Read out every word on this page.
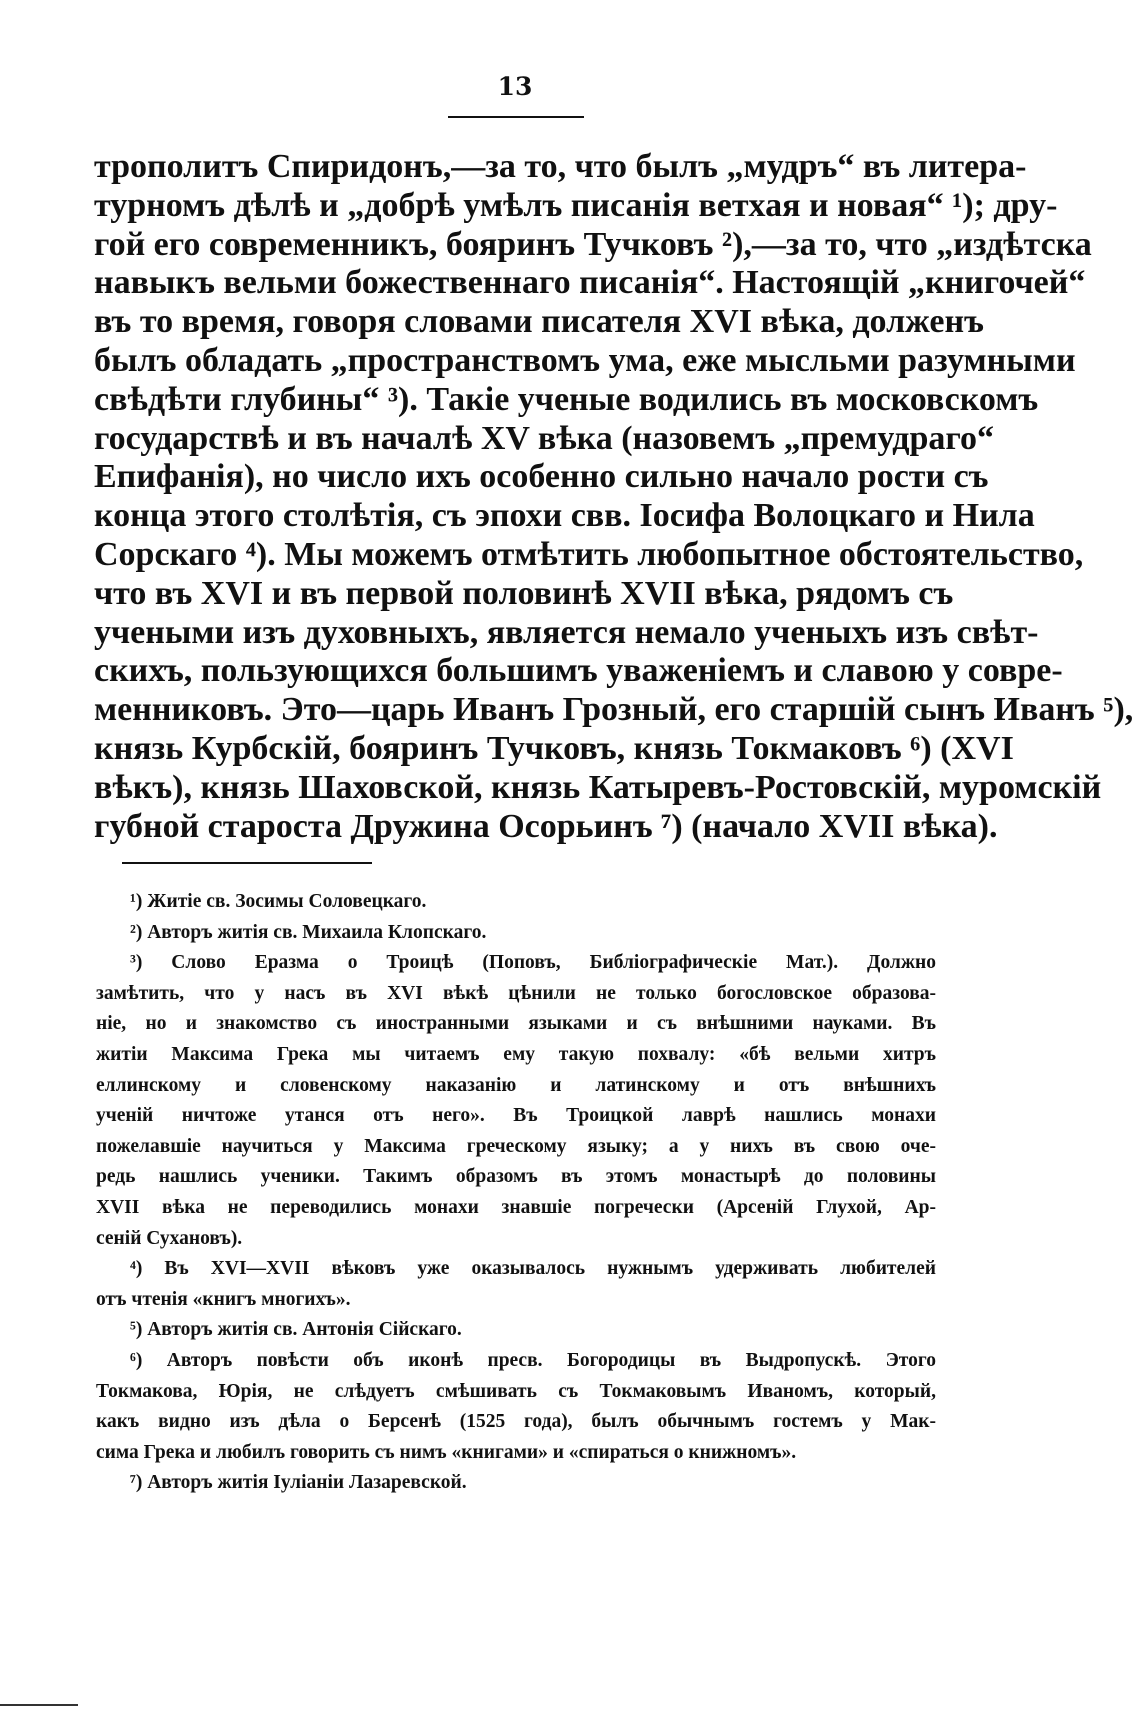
13
трополитъ Спиридонъ,—за то, что былъ „мудръ“ въ литера-
турномъ дѣлѣ и „добрѣ умѣлъ писанія ветхая и новая“ ¹); дру-
гой его современникъ, бояринъ Тучковъ ²),—за то, что „издѣтска
навыкъ вельми божественнаго писанія“. Настоящій „книгочей“
въ то время, говоря словами писателя XVI вѣка, долженъ
былъ обладать „пространствомъ ума, еже мысльми разумными
свѣдѣти глубины“ ³). Такіе ученые водились въ московскомъ
государствѣ и въ началѣ XV вѣка (назовемъ „премудраго“
Епифанія), но число ихъ особенно сильно начало рости съ
конца этого столѣтія, съ эпохи свв. Іосифа Волоцкаго и Нила
Сорскаго ⁴). Мы можемъ отмѣтить любопытное обстоятельство,
что въ XVI и въ первой половинѣ XVII вѣка, рядомъ съ
учеными изъ духовныхъ, является немало ученыхъ изъ свѣт-
скихъ, пользующихся большимъ уваженіемъ и славою у совре-
менниковъ. Это—царь Иванъ Грозный, его старшій сынъ Иванъ ⁵),
князь Курбскій, бояринъ Тучковъ, князь Токмаковъ ⁶) (XVI
вѣкъ), князь Шаховской, князь Катыревъ-Ростовскій, муромскій
губной староста Дружина Осорьинъ ⁷) (начало XVII вѣка).
¹) Житіе св. Зосимы Соловецкаго.
²) Авторъ житія св. Михаила Клопскаго.
³) Слово Еразма о Троицѣ (Поповъ, Библіографическіе Мат.). Должно
замѣтить, что у насъ въ XVI вѣкѣ цѣнили не только богословское образова-
ніе, но и знакомство съ иностранными языками и съ внѣшними науками. Въ
житіи Максима Грека мы читаемъ ему такую похвалу: «бѣ вельми хитръ
еллинскому и словенскому наказанію и латинскому и отъ внѣшнихъ
ученій ничтоже утанся отъ него». Въ Троицкой лаврѣ нашлись монахи
пожелавшіе научиться у Максима греческому языку; а у нихъ въ свою оче-
редь нашлись ученики. Такимъ образомъ въ этомъ монастырѣ до половины
XVII вѣка не переводились монахи знавшіе погречески (Арсеній Глухой, Ар-
сеній Сухановъ).
⁴) Въ XVI—XVII вѣковъ уже оказывалось нужнымъ удерживать любителей
отъ чтенія «книгъ многихъ».
⁵) Авторъ житія св. Антонія Сійскаго.
⁶) Авторъ повѣсти объ иконѣ пресв. Богородицы въ Выдропускѣ. Этого
Токмакова, Юрія, не слѣдуетъ смѣшивать съ Токмаковымъ Иваномъ, который,
какъ видно изъ дѣла о Берсенѣ (1525 года), былъ обычнымъ гостемъ у Мак-
сима Грека и любилъ говорить съ нимъ «книгами» и «спираться о книжномъ».
⁷) Авторъ житія Іуліаніи Лазаревской.
